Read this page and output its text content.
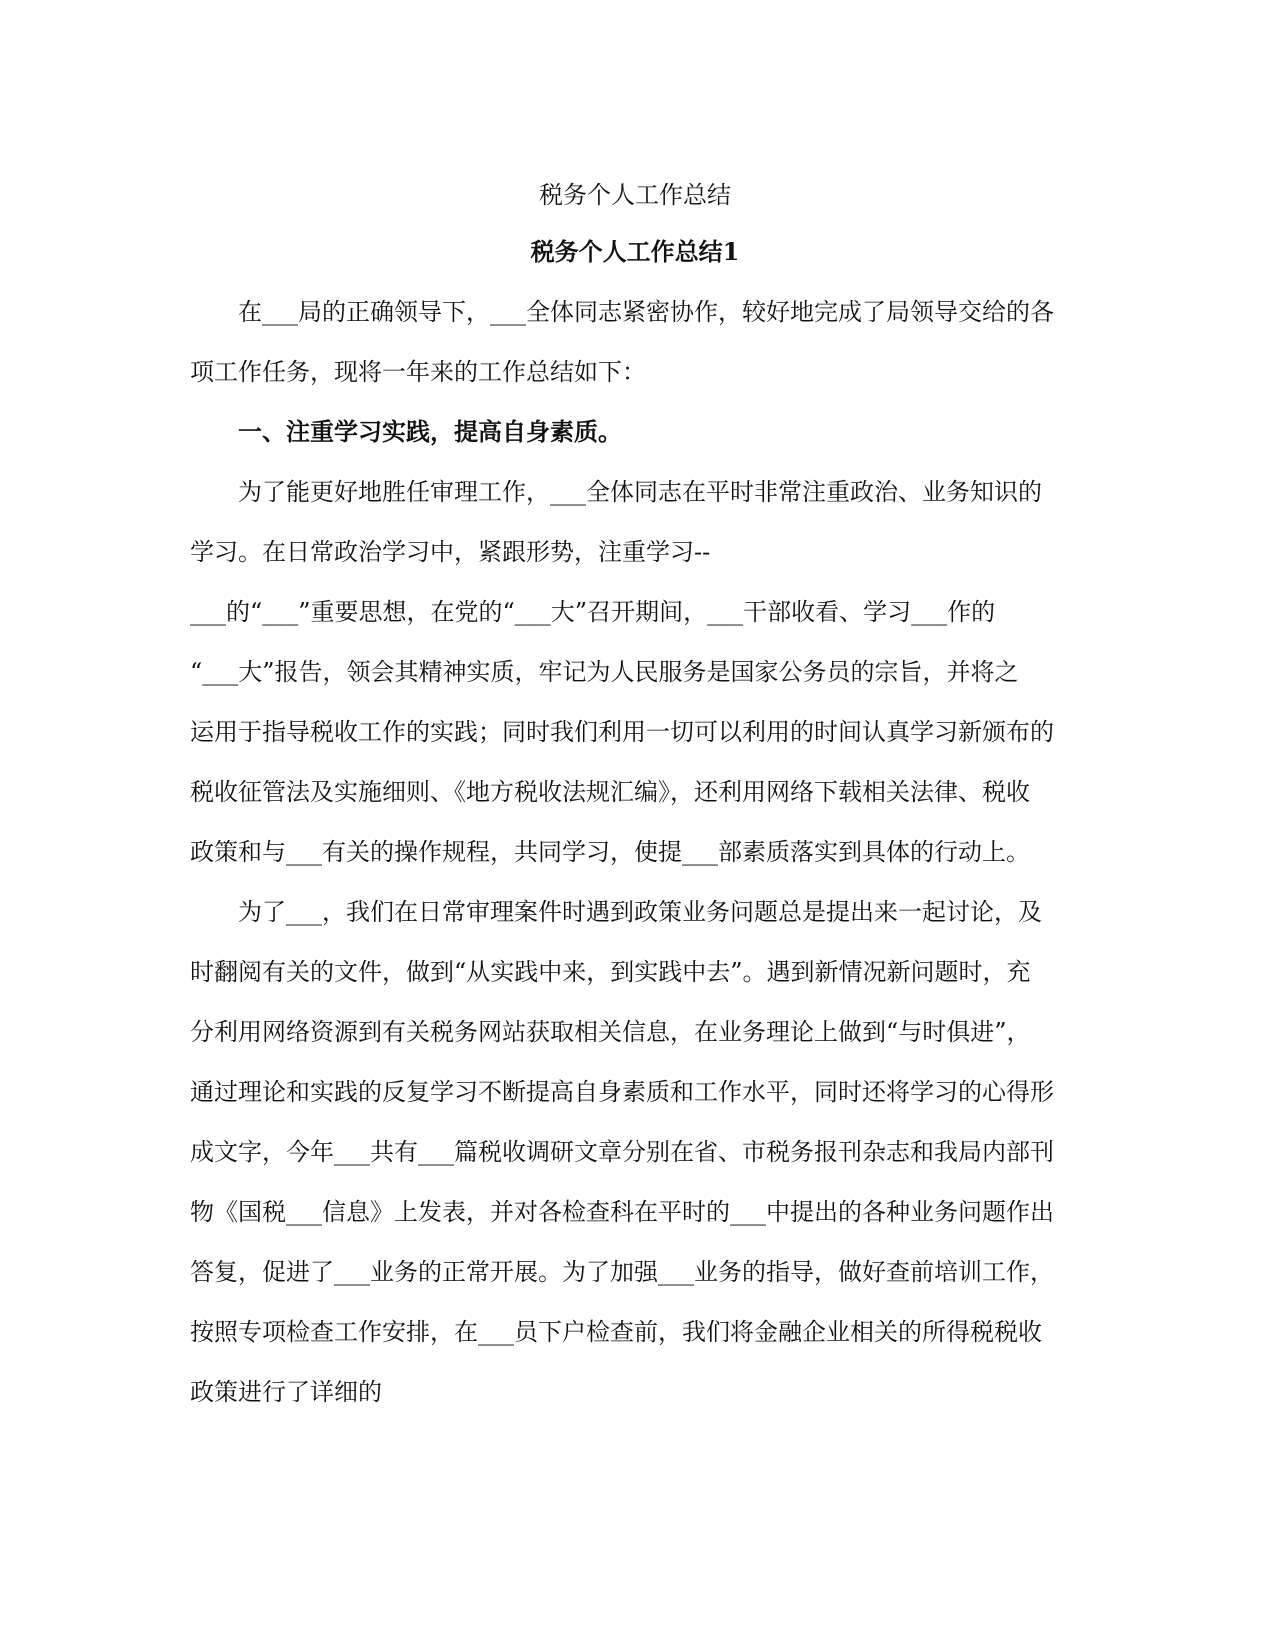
税务个人工作总结
税务个人工作总结1
在___局的正确领导下，___全体同志紧密协作，较好地完成了局领导交给的各
项工作任务，现将一年来的工作总结如下：
一、注重学习实践，提高自身素质。
为了能更好地胜任审理工作，___全体同志在平时非常注重政治、业务知识的
学习。在日常政治学习中，紧跟形势，注重学习--
___的“___”重要思想，在党的“___大”召开期间，___干部收看、学习___作的
“___大”报告，领会其精神实质，牢记为人民服务是国家公务员的宗旨，并将之
运用于指导税收工作的实践；同时我们利用一切可以利用的时间认真学习新颁布的
税收征管法及实施细则、《地方税收法规汇编》，还利用网络下载相关法律、税收
政策和与___有关的操作规程，共同学习，使提___部素质落实到具体的行动上。
为了___，我们在日常审理案件时遇到政策业务问题总是提出来一起讨论，及
时翻阅有关的文件，做到“从实践中来，到实践中去”。遇到新情况新问题时，充
分利用网络资源到有关税务网站获取相关信息，在业务理论上做到“与时俱进”，
通过理论和实践的反复学习不断提高自身素质和工作水平，同时还将学习的心得形
成文字，今年___共有___篇税收调研文章分别在省、市税务报刊杂志和我局内部刊
物《国税___信息》上发表，并对各检查科在平时的___中提出的各种业务问题作出
答复，促进了___业务的正常开展。为了加强___业务的指导，做好查前培训工作，
按照专项检查工作安排，在___员下户检查前，我们将金融企业相关的所得税税收
政策进行了详细的
